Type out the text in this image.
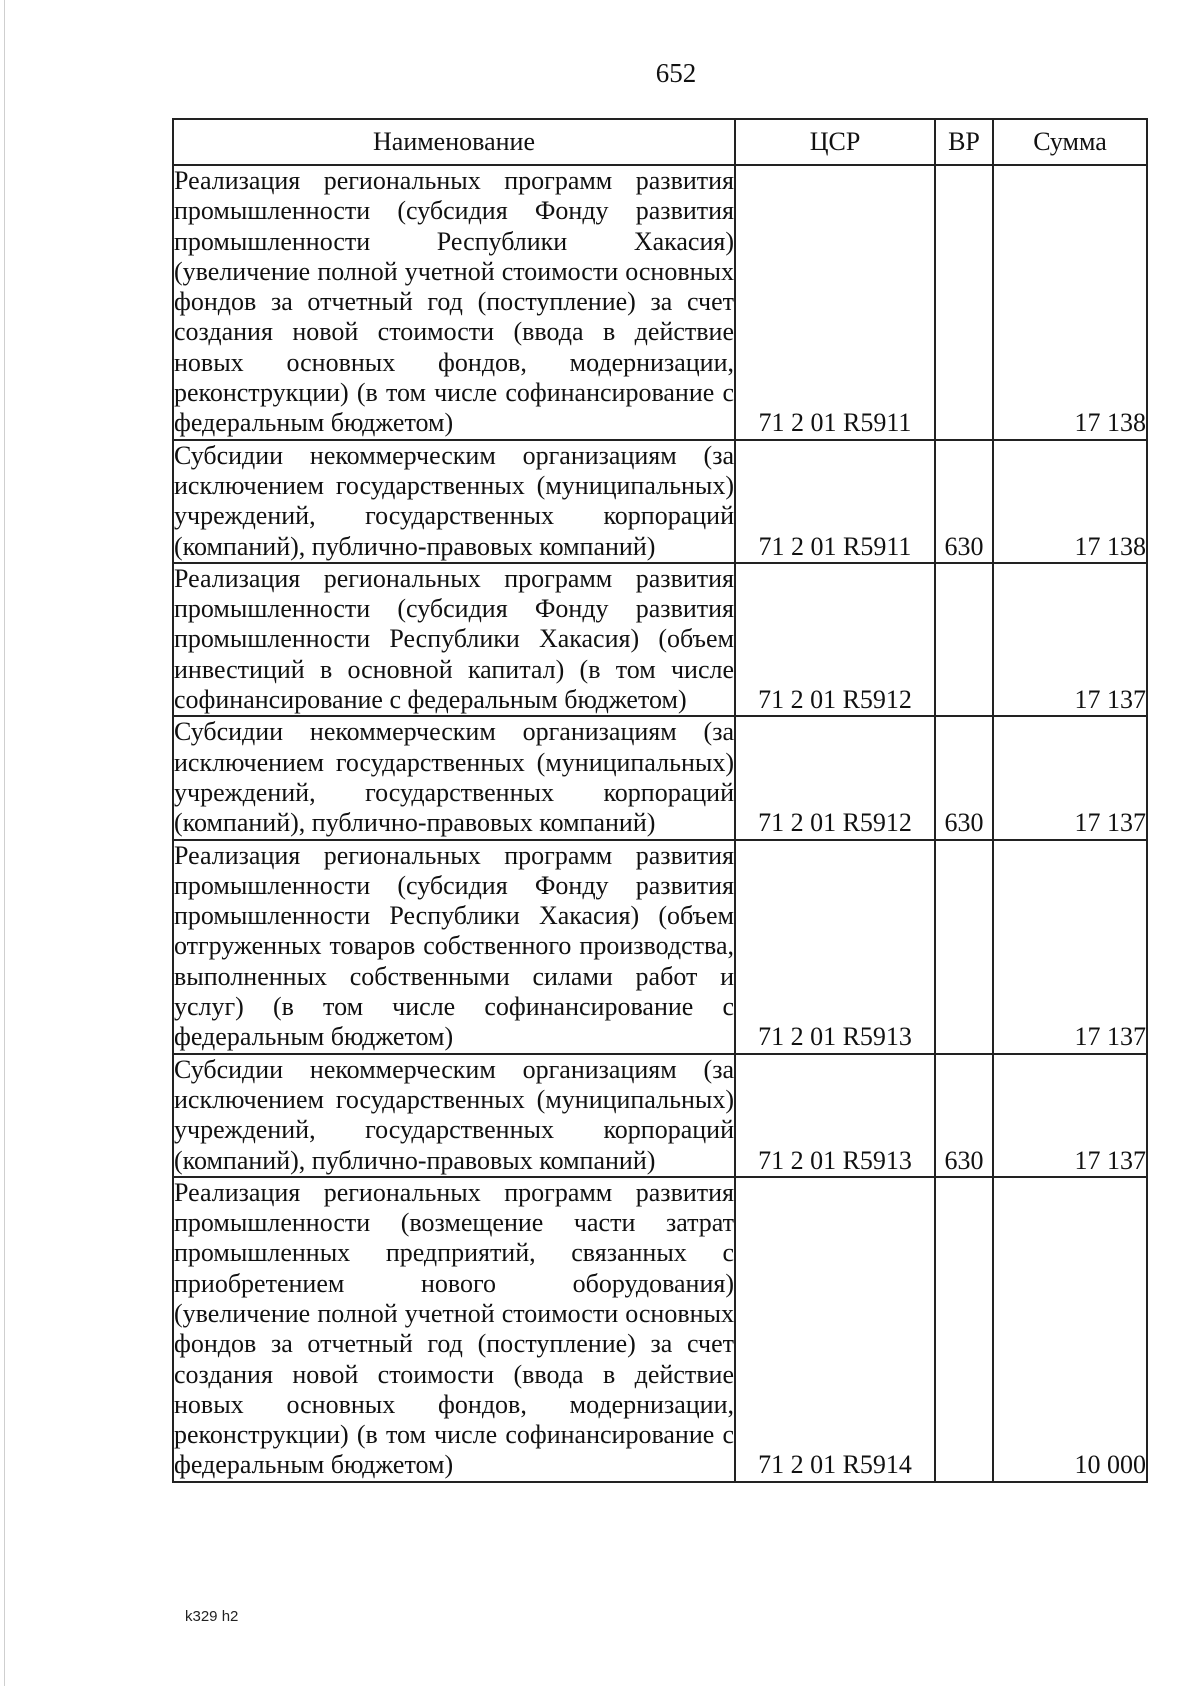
652
Наименование	ЦСР	ВР	Сумма
Реализация региональных программ развития промышленности (субсидия Фонду развития промышленности Республики Хакасия) (увеличение полной учетной стоимости основных фондов за отчетный год (поступление) за счет создания новой стоимости (ввода в действие новых основных фондов, модернизации, реконструкции) (в том числе софинансирование с федеральным бюджетом)	71 2 01 R5911		17 138
Субсидии некоммерческим организациям (за исключением государственных (муниципальных) учреждений, государственных корпораций (компаний), публично-правовых компаний)	71 2 01 R5911	630	17 138
Реализация региональных программ развития промышленности (субсидия Фонду развития промышленности Республики Хакасия) (объем инвестиций в основной капитал) (в том числе софинансирование с федеральным бюджетом)	71 2 01 R5912		17 137
Субсидии некоммерческим организациям (за исключением государственных (муниципальных) учреждений, государственных корпораций (компаний), публично-правовых компаний)	71 2 01 R5912	630	17 137
Реализация региональных программ развития промышленности (субсидия Фонду развития промышленности Республики Хакасия) (объем отгруженных товаров собственного производства, выполненных собственными силами работ и услуг) (в том числе софинансирование с федеральным бюджетом)	71 2 01 R5913		17 137
Субсидии некоммерческим организациям (за исключением государственных (муниципальных) учреждений, государственных корпораций (компаний), публично-правовых компаний)	71 2 01 R5913	630	17 137
Реализация региональных программ развития промышленности (возмещение части затрат промышленных предприятий, связанных с приобретением нового оборудования) (увеличение полной учетной стоимости основных фондов за отчетный год (поступление) за счет создания новой стоимости (ввода в действие новых основных фондов, модернизации, реконструкции) (в том числе софинансирование с федеральным бюджетом)	71 2 01 R5914		10 000
k329 h2
